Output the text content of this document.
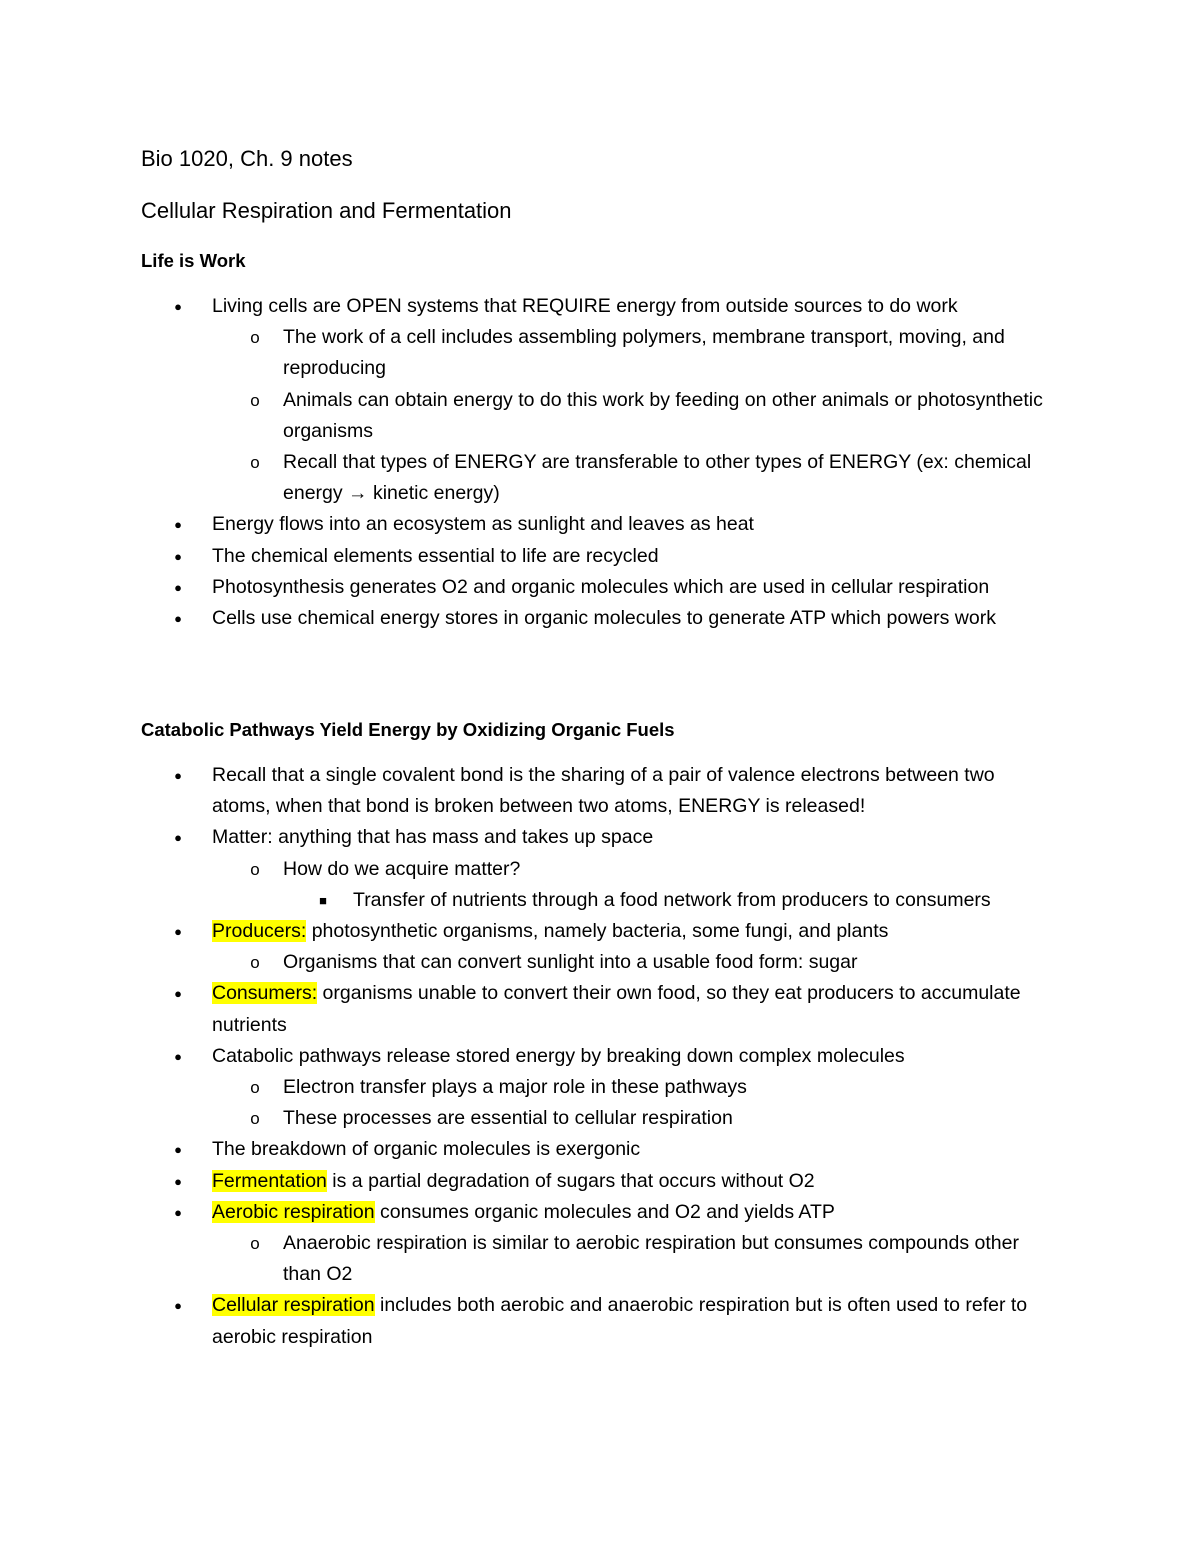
Bio 1020, Ch. 9 notes
Cellular Respiration and Fermentation
Life is Work
●	Living cells are OPEN systems that REQUIRE energy from outside sources to do work
o The work of a cell includes assembling polymers, membrane transport, moving, and reproducing
o Animals can obtain energy to do this work by feeding on other animals or photosynthetic organisms
o Recall that types of ENERGY are transferable to other types of ENERGY (ex: chemical energy → kinetic energy)
●	Energy flows into an ecosystem as sunlight and leaves as heat
●	The chemical elements essential to life are recycled
●	Photosynthesis generates O2 and organic molecules which are used in cellular respiration
●	Cells use chemical energy stores in organic molecules to generate ATP which powers work
Catabolic Pathways Yield Energy by Oxidizing Organic Fuels
●	Recall that a single covalent bond is the sharing of a pair of valence electrons between two atoms, when that bond is broken between two atoms, ENERGY is released!
●	Matter: anything that has mass and takes up space
o How do we acquire matter?
■ Transfer of nutrients through a food network from producers to consumers
●	Producers: photosynthetic organisms, namely bacteria, some fungi, and plants
o Organisms that can convert sunlight into a usable food form: sugar
●	Consumers: organisms unable to convert their own food, so they eat producers to accumulate nutrients
●	Catabolic pathways release stored energy by breaking down complex molecules
o Electron transfer plays a major role in these pathways
o These processes are essential to cellular respiration
●	The breakdown of organic molecules is exergonic
●	Fermentation is a partial degradation of sugars that occurs without O2
●	Aerobic respiration consumes organic molecules and O2 and yields ATP
o Anaerobic respiration is similar to aerobic respiration but consumes compounds other than O2
●	Cellular respiration includes both aerobic and anaerobic respiration but is often used to refer to aerobic respiration
